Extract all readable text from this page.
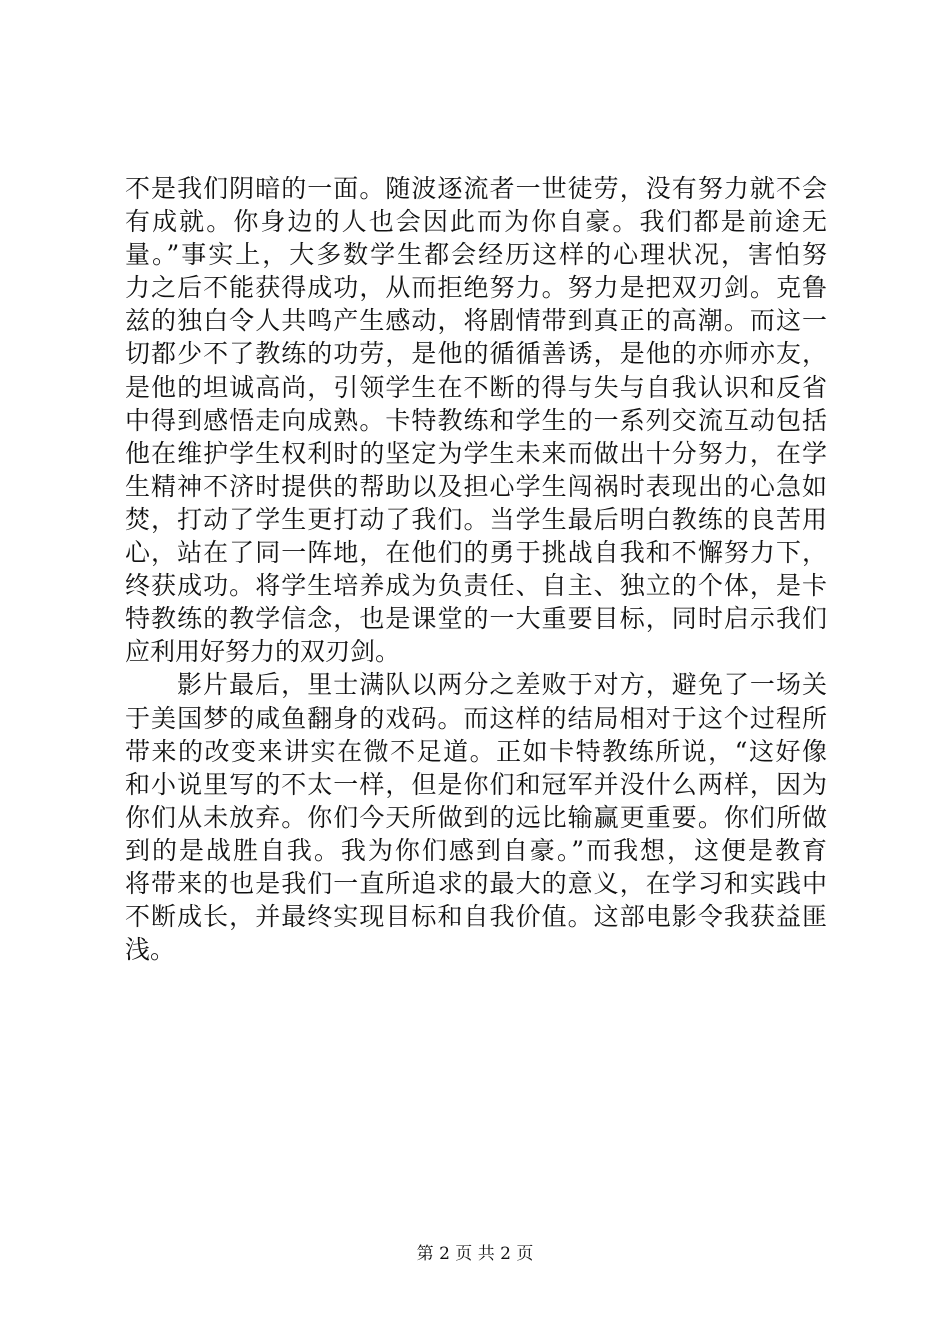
不是我们阴暗的一面。随波逐流者一世徒劳，没有努力就不会
有成就。你身边的人也会因此而为你自豪。我们都是前途无
量。”事实上，大多数学生都会经历这样的心理状况，害怕努
力之后不能获得成功，从而拒绝努力。努力是把双刃剑。克鲁
兹的独白令人共鸣产生感动，将剧情带到真正的高潮。而这一
切都少不了教练的功劳，是他的循循善诱，是他的亦师亦友，
是他的坦诚高尚，引领学生在不断的得与失与自我认识和反省
中得到感悟走向成熟。卡特教练和学生的一系列交流互动包括
他在维护学生权利时的坚定为学生未来而做出十分努力，在学
生精神不济时提供的帮助以及担心学生闯祸时表现出的心急如
焚，打动了学生更打动了我们。当学生最后明白教练的良苦用
心，站在了同一阵地，在他们的勇于挑战自我和不懈努力下，
终获成功。将学生培养成为负责任、自主、独立的个体，是卡
特教练的教学信念，也是课堂的一大重要目标，同时启示我们
应利用好努力的双刃剑。
影片最后，里士满队以两分之差败于对方，避免了一场关
于美国梦的咸鱼翻身的戏码。而这样的结局相对于这个过程所
带来的改变来讲实在微不足道。正如卡特教练所说，“这好像
和小说里写的不太一样，但是你们和冠军并没什么两样，因为
你们从未放弃。你们今天所做到的远比输赢更重要。你们所做
到的是战胜自我。我为你们感到自豪。”而我想，这便是教育
将带来的也是我们一直所追求的最大的意义，在学习和实践中
不断成长，并最终实现目标和自我价值。这部电影令我获益匪
浅。
第 2 页 共 2 页
